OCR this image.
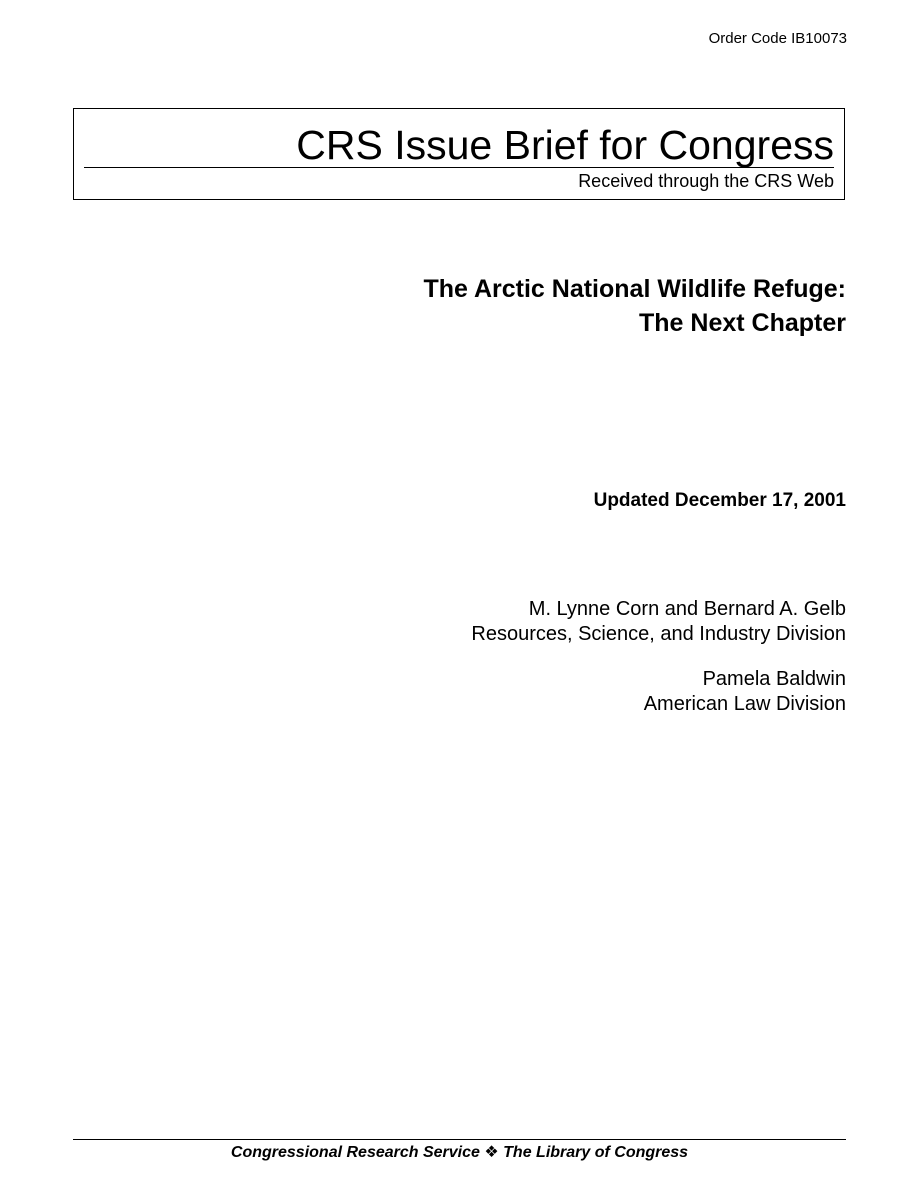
Order Code IB10073
CRS Issue Brief for Congress
Received through the CRS Web
The Arctic National Wildlife Refuge:
The Next Chapter
Updated December 17, 2001
M. Lynne Corn and Bernard A. Gelb
Resources, Science, and Industry Division
Pamela Baldwin
American Law Division
Congressional Research Service ❖ The Library of Congress
